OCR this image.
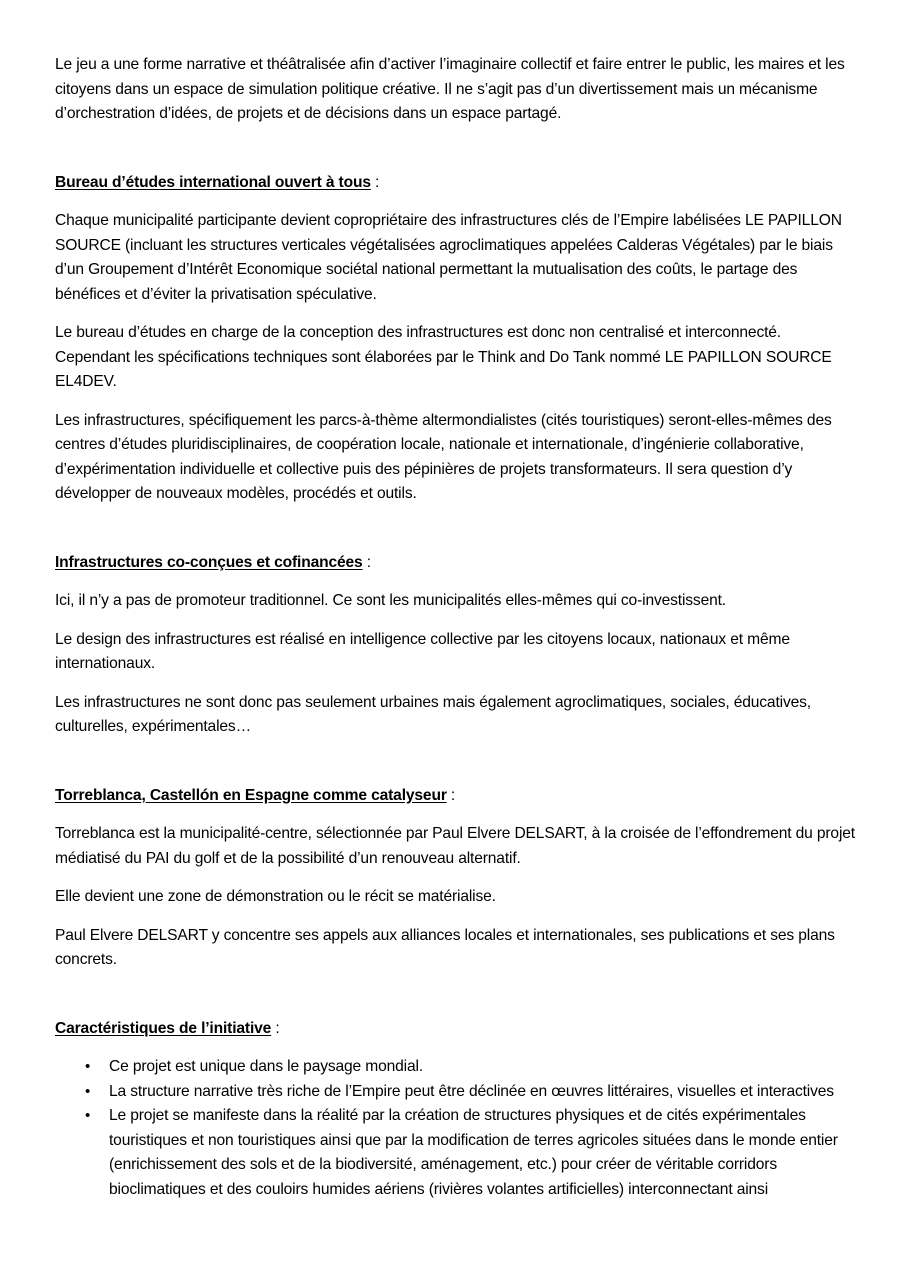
Le jeu a une forme narrative et théâtralisée afin d’activer l’imaginaire collectif et faire entrer le public, les maires et les citoyens dans un espace de simulation politique créative. Il ne s’agit pas d’un divertissement mais un mécanisme d’orchestration d’idées, de projets et de décisions dans un espace partagé.

Bureau d’études international ouvert à tous :

Chaque municipalité participante devient copropriétaire des infrastructures clés de l’Empire labélisées LE PAPILLON SOURCE (incluant les structures verticales végétalisées agroclimatiques appelées Calderas Végétales) par le biais d’un Groupement d’Intérêt Economique sociétal national permettant la mutualisation des coûts, le partage des bénéfices et d’éviter la privatisation spéculative.

Le bureau d’études en charge de la conception des infrastructures est donc non centralisé et interconnecté. Cependant les spécifications techniques sont élaborées par le Think and Do Tank nommé LE PAPILLON SOURCE EL4DEV.

Les infrastructures, spécifiquement les parcs-à-thème altermondialistes (cités touristiques) seront-elles-mêmes des centres d’études pluridisciplinaires, de coopération locale, nationale et internationale, d’ingénierie collaborative, d’expérimentation individuelle et collective puis des pépinières de projets transformateurs. Il sera question d’y développer de nouveaux modèles, procédés et outils.

Infrastructures co-conçues et cofinancées :

Ici, il n’y a pas de promoteur traditionnel. Ce sont les municipalités elles-mêmes qui co-investissent.

Le design des infrastructures est réalisé en intelligence collective par les citoyens locaux, nationaux et même internationaux.

Les infrastructures ne sont donc pas seulement urbaines mais également agroclimatiques, sociales, éducatives, culturelles, expérimentales…

Torreblanca, Castellón en Espagne comme catalyseur :

Torreblanca est la municipalité-centre, sélectionnée par Paul Elvere DELSART, à la croisée de l’effondrement du projet médiatisé du PAI du golf et de la possibilité d’un renouveau alternatif.

Elle devient une zone de démonstration ou le récit se matérialise.

Paul Elvere DELSART y concentre ses appels aux alliances locales et internationales, ses publications et ses plans concrets.

Caractéristiques de l’initiative :

• Ce projet est unique dans le paysage mondial.
• La structure narrative très riche de l’Empire peut être déclinée en œuvres littéraires, visuelles et interactives
• Le projet se manifeste dans la réalité par la création de structures physiques et de cités expérimentales touristiques et non touristiques ainsi que par la modification de terres agricoles situées dans le monde entier (enrichissement des sols et de la biodiversité, aménagement, etc.) pour créer de véritable corridors bioclimatiques et des couloirs humides aériens (rivières volantes artificielles) interconnectant ainsi
